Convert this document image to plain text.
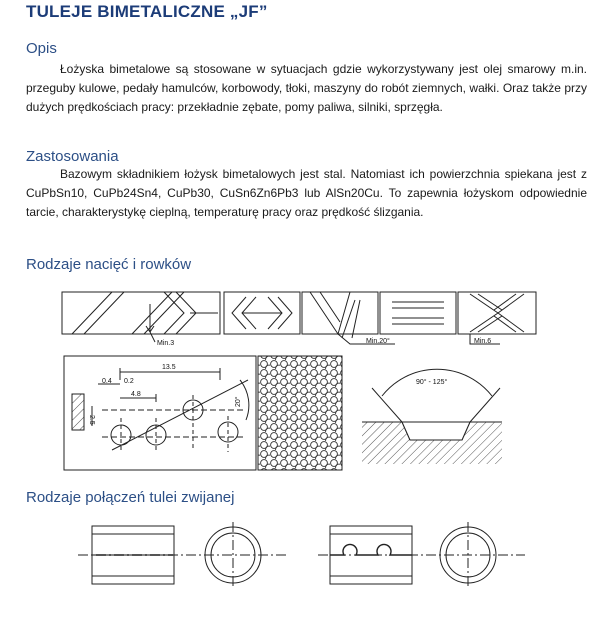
TULEJE BIMETALICZNE „JF”
Opis

Łożyska bimetalowe są stosowane w sytuacjach gdzie wykorzystywany jest olej smarowy m.in. przeguby kulowe, pedały hamulców, korbowody, tłoki, maszyny do robót ziemnych, wałki. Oraz także przy dużych prędkościach pracy: przekładnie zębate, pomy paliwa, silniki, sprzęgła.

Zastosowania

Bazowym składnikiem łożysk bimetalowych jest stal. Natomiast ich powierzchnia spiekana jest z CuPbSn10, CuPb24Sn4, CuPb30, CuSn6Zn6Pb3 lub AlSn20Cu. To zapewnia łożyskom odpowiednie tarcie, charakterystykę cieplną, temperaturę pracy oraz prędkość ślizgania.

Rodzaje nacięć i rowków
Rodzaje połączeń tulei zwijanej
Min.3	Min.20°	Min.6
13.5
0.4 0.2
4.8
2.5
20°
90° - 125°
